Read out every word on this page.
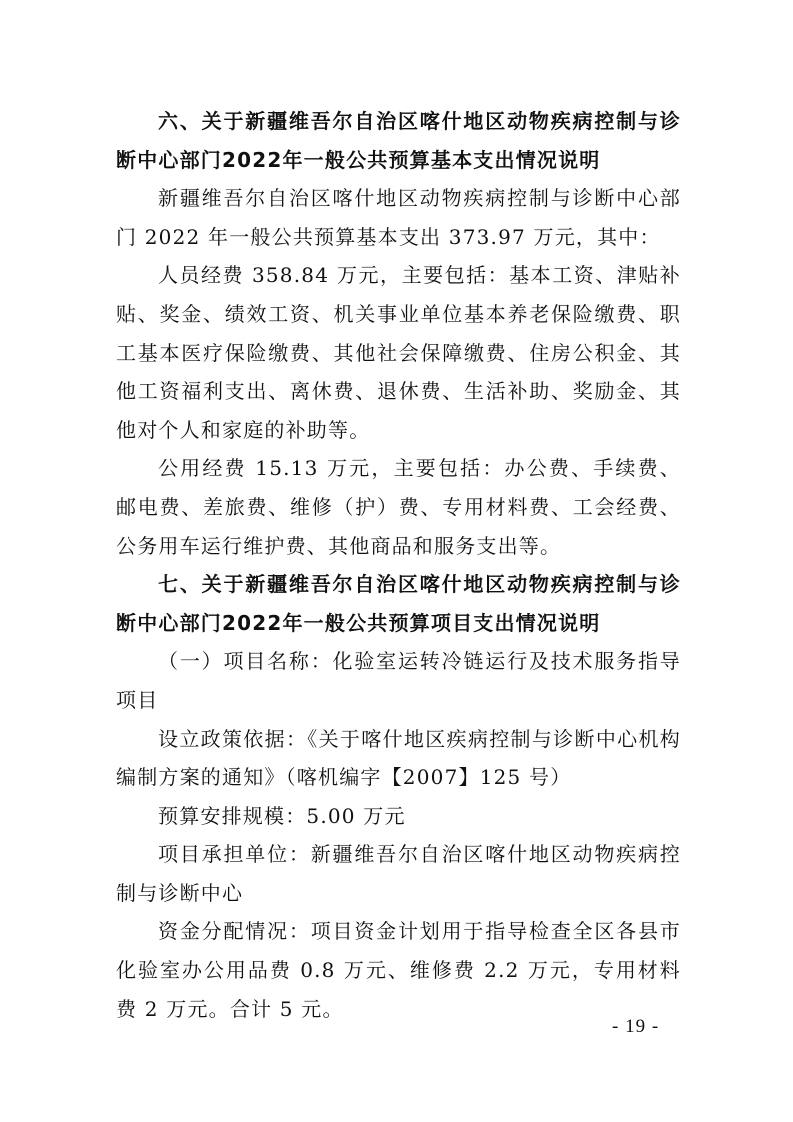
六、关于新疆维吾尔自治区喀什地区动物疾病控制与诊断中心部门2022年一般公共预算基本支出情况说明

新疆维吾尔自治区喀什地区动物疾病控制与诊断中心部门 2022 年一般公共预算基本支出 373.97 万元，其中：

人员经费 358.84 万元，主要包括：基本工资、津贴补贴、奖金、绩效工资、机关事业单位基本养老保险缴费、职工基本医疗保险缴费、其他社会保障缴费、住房公积金、其他工资福利支出、离休费、退休费、生活补助、奖励金、其他对个人和家庭的补助等。

公用经费 15.13 万元，主要包括：办公费、手续费、邮电费、差旅费、维修（护）费、专用材料费、工会经费、公务用车运行维护费、其他商品和服务支出等。

七、关于新疆维吾尔自治区喀什地区动物疾病控制与诊断中心部门2022年一般公共预算项目支出情况说明

（一）项目名称：化验室运转冷链运行及技术服务指导项目

设立政策依据：《关于喀什地区疾病控制与诊断中心机构编制方案的通知》（喀机编字【2007】125 号）

预算安排规模：5.00 万元

项目承担单位：新疆维吾尔自治区喀什地区动物疾病控制与诊断中心

资金分配情况：项目资金计划用于指导检查全区各县市化验室办公用品费 0.8 万元、维修费 2.2 万元，专用材料费 2 万元。合计 5 元。

- 19 -
